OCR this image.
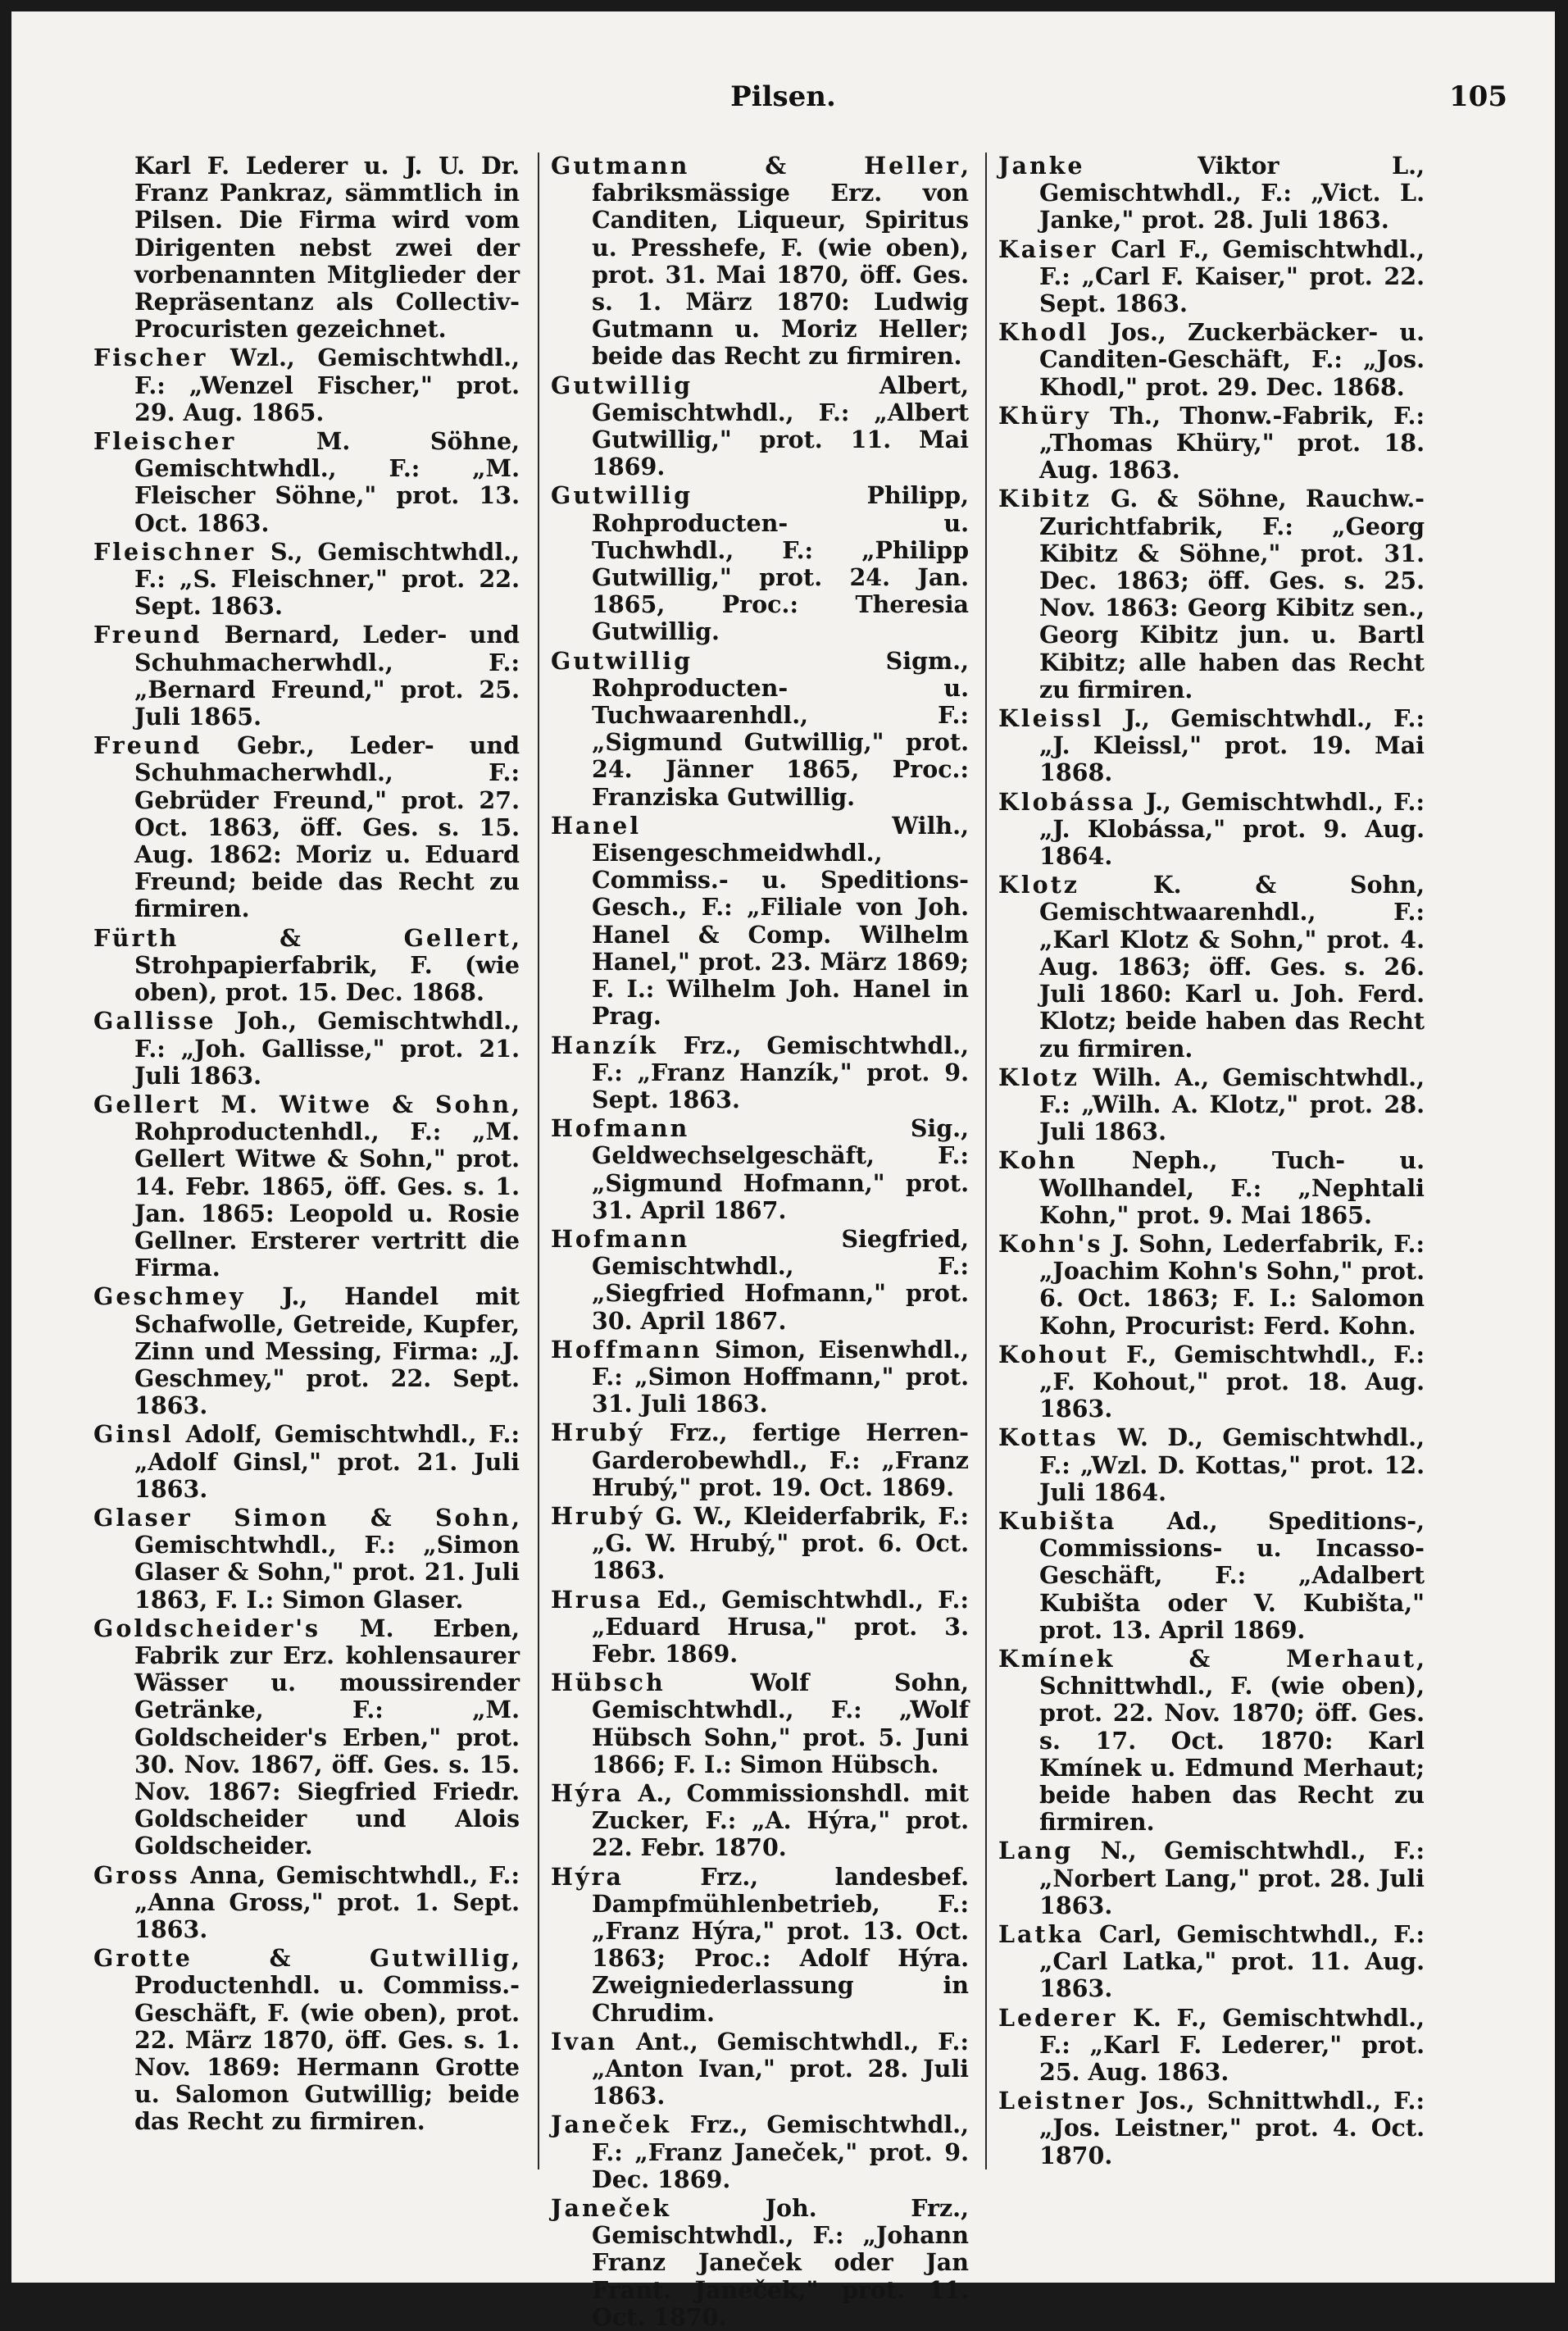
Pilsen.	105

Karl F. Lederer u. J. U. Dr. Franz Pankraz, sämmtlich in Pilsen. Die Firma wird vom Dirigenten nebst zwei der vorbenannten Mitglieder der Repräsentanz als Collectiv-Procuristen gezeichnet.

Fischer Wzl., Gemischtwhdl., F.: „Wenzel Fischer," prot. 29. Aug. 1865.

Fleischer M. Söhne, Gemischtwhdl., F.: „M. Fleischer Söhne," prot. 13. Oct. 1863.

Fleischner S., Gemischtwhdl., F.: „S. Fleischner," prot. 22. Sept. 1863.

Freund Bernard, Leder- und Schuhmacherwhdl., F.: „Bernard Freund," prot. 25. Juli 1865.

Freund Gebr., Leder- und Schuhmacherwhdl., F.: Gebrüder Freund," prot. 27. Oct. 1863, öff. Ges. s. 15. Aug. 1862: Moriz u. Eduard Freund; beide das Recht zu firmiren.

Fürth & Gellert, Strohpapierfabrik, F. (wie oben), prot. 15. Dec. 1868.

Gallisse Joh., Gemischtwhdl., F.: „Joh. Gallisse," prot. 21. Juli 1863.

Gellert M. Witwe & Sohn, Rohproductenhdl., F.: „M. Gellert Witwe & Sohn," prot. 14. Febr. 1865, öff. Ges. s. 1. Jan. 1865: Leopold u. Rosie Gellner. Ersterer vertritt die Firma.

Geschmey J., Handel mit Schafwolle, Getreide, Kupfer, Zinn und Messing, Firma: „J. Geschmey," prot. 22. Sept. 1863.

Ginsl Adolf, Gemischtwhdl., F.: „Adolf Ginsl," prot. 21. Juli 1863.

Glaser Simon & Sohn, Gemischtwhdl., F.: „Simon Glaser & Sohn," prot. 21. Juli 1863, F. I.: Simon Glaser.

Goldscheider's M. Erben, Fabrik zur Erz. kohlensaurer Wässer u. moussirender Getränke, F.: „M. Goldscheider's Erben," prot. 30. Nov. 1867, öff. Ges. s. 15. Nov. 1867: Siegfried Friedr. Goldscheider und Alois Goldscheider.

Gross Anna, Gemischtwhdl., F.: „Anna Gross," prot. 1. Sept. 1863.

Grotte & Gutwillig, Productenhdl. u. Commiss.-Geschäft, F. (wie oben), prot. 22. März 1870, öff. Ges. s. 1. Nov. 1869: Hermann Grotte u. Salomon Gutwillig; beide das Recht zu firmiren.

Gutmann & Heller, fabriksmässige Erz. von Canditen, Liqueur, Spiritus u. Presshefe, F. (wie oben), prot. 31. Mai 1870, öff. Ges. s. 1. März 1870: Ludwig Gutmann u. Moriz Heller; beide das Recht zu firmiren.

Gutwillig Albert, Gemischtwhdl., F.: „Albert Gutwillig," prot. 11. Mai 1869.

Gutwillig Philipp, Rohproducten- u. Tuchwhdl., F.: „Philipp Gutwillig," prot. 24. Jan. 1865, Proc.: Theresia Gutwillig.

Gutwillig Sigm., Rohproducten- u. Tuchwaarenhdl., F.: „Sigmund Gutwillig," prot. 24. Jänner 1865, Proc.: Franziska Gutwillig.

Hanel Wilh., Eisengeschmeidwhdl., Commiss.- u. Speditions-Gesch., F.: „Filiale von Joh. Hanel & Comp. Wilhelm Hanel," prot. 23. März 1869; F. I.: Wilhelm Joh. Hanel in Prag.

Hanzík Frz., Gemischtwhdl., F.: „Franz Hanzík," prot. 9. Sept. 1863.

Hofmann Sig., Geldwechselgeschäft, F.: „Sigmund Hofmann," prot. 31. April 1867.

Hofmann Siegfried, Gemischtwhdl., F.: „Siegfried Hofmann," prot. 30. April 1867.

Hoffmann Simon, Eisenwhdl., F.: „Simon Hoffmann," prot. 31. Juli 1863.

Hrubý Frz., fertige Herren-Garderobewhdl., F.: „Franz Hrubý," prot. 19. Oct. 1869.

Hrubý G. W., Kleiderfabrik, F.: „G. W. Hrubý," prot. 6. Oct. 1863.

Hrusa Ed., Gemischtwhdl., F.: „Eduard Hrusa," prot. 3. Febr. 1869.

Hübsch Wolf Sohn, Gemischtwhdl., F.: „Wolf Hübsch Sohn," prot. 5. Juni 1866; F. I.: Simon Hübsch.

Hýra A., Commissionshdl. mit Zucker, F.: „A. Hýra," prot. 22. Febr. 1870.

Hýra Frz., landesbef. Dampfmühlenbetrieb, F.: „Franz Hýra," prot. 13. Oct. 1863; Proc.: Adolf Hýra. Zweigniederlassung in Chrudim.

Ivan Ant., Gemischtwhdl., F.: „Anton Ivan," prot. 28. Juli 1863.

Janeček Frz., Gemischtwhdl., F.: „Franz Janeček," prot. 9. Dec. 1869.

Janeček Joh. Frz., Gemischtwhdl., F.: „Johann Franz Janeček oder Jan Frant. Janeček," prot. 11. Oct. 1870.

Janke Viktor L., Gemischtwhdl., F.: „Vict. L. Janke," prot. 28. Juli 1863.

Kaiser Carl F., Gemischtwhdl., F.: „Carl F. Kaiser," prot. 22. Sept. 1863.

Khodl Jos., Zuckerbäcker- u. Canditen-Geschäft, F.: „Jos. Khodl," prot. 29. Dec. 1868.

Khüry Th., Thonw.-Fabrik, F.: „Thomas Khüry," prot. 18. Aug. 1863.

Kibitz G. & Söhne, Rauchw.-Zurichtfabrik, F.: „Georg Kibitz & Söhne," prot. 31. Dec. 1863; öff. Ges. s. 25. Nov. 1863: Georg Kibitz sen., Georg Kibitz jun. u. Bartl Kibitz; alle haben das Recht zu firmiren.

Kleissl J., Gemischtwhdl., F.: „J. Kleissl," prot. 19. Mai 1868.

Klobássa J., Gemischtwhdl., F.: „J. Klobássa," prot. 9. Aug. 1864.

Klotz K. & Sohn, Gemischtwaarenhdl., F.: „Karl Klotz & Sohn," prot. 4. Aug. 1863; öff. Ges. s. 26. Juli 1860: Karl u. Joh. Ferd. Klotz; beide haben das Recht zu firmiren.

Klotz Wilh. A., Gemischtwhdl., F.: „Wilh. A. Klotz," prot. 28. Juli 1863.

Kohn Neph., Tuch- u. Wollhandel, F.: „Nephtali Kohn," prot. 9. Mai 1865.

Kohn's J. Sohn, Lederfabrik, F.: „Joachim Kohn's Sohn," prot. 6. Oct. 1863; F. I.: Salomon Kohn, Procurist: Ferd. Kohn.

Kohout F., Gemischtwhdl., F.: „F. Kohout," prot. 18. Aug. 1863.

Kottas W. D., Gemischtwhdl., F.: „Wzl. D. Kottas," prot. 12. Juli 1864.

Kubišta Ad., Speditions-, Commissions- u. Incasso-Geschäft, F.: „Adalbert Kubišta oder V. Kubišta," prot. 13. April 1869.

Kmínek & Merhaut, Schnittwhdl., F. (wie oben), prot. 22. Nov. 1870; öff. Ges. s. 17. Oct. 1870: Karl Kmínek u. Edmund Merhaut; beide haben das Recht zu firmiren.

Lang N., Gemischtwhdl., F.: „Norbert Lang," prot. 28. Juli 1863.

Latka Carl, Gemischtwhdl., F.: „Carl Latka," prot. 11. Aug. 1863.

Lederer K. F., Gemischtwhdl., F.: „Karl F. Lederer," prot. 25. Aug. 1863.

Leistner Jos., Schnittwhdl., F.: „Jos. Leistner," prot. 4. Oct. 1870.
